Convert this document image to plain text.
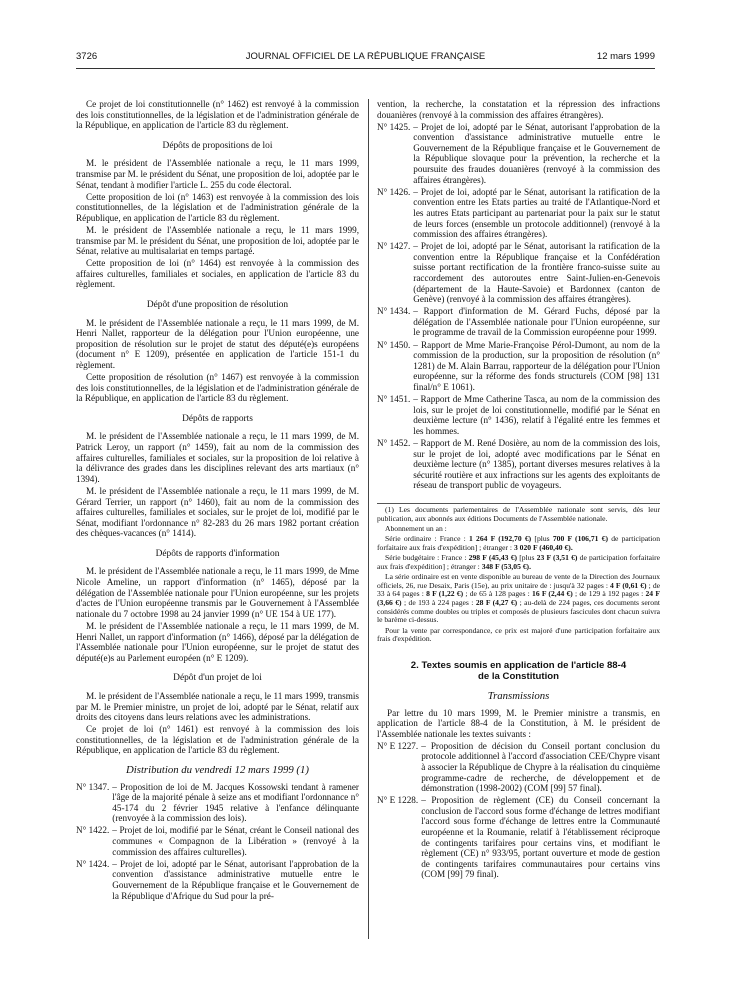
3726	JOURNAL OFFICIEL DE LA RÉPUBLIQUE FRANÇAISE	12 mars 1999

Ce projet de loi constitutionnelle (n° 1462) est renvoyé à la commission des lois constitutionnelles, de la législation et de l'administration générale de la République, en application de l'article 83 du règlement.

Dépôts de propositions de loi

M. le président de l'Assemblée nationale a reçu, le 11 mars 1999, transmise par M. le président du Sénat, une proposition de loi, adoptée par le Sénat, tendant à modifier l'article L. 255 du code électoral.

Cette proposition de loi (n° 1463) est renvoyée à la commission des lois constitutionnelles, de la législation et de l'administration générale de la République, en application de l'article 83 du règlement.

M. le président de l'Assemblée nationale a reçu, le 11 mars 1999, transmise par M. le président du Sénat, une proposition de loi, adoptée par le Sénat, relative au multisalariat en temps partagé.

Cette proposition de loi (n° 1464) est renvoyée à la commission des affaires culturelles, familiales et sociales, en application de l'article 83 du règlement.

Dépôt d'une proposition de résolution

M. le président de l'Assemblée nationale a reçu, le 11 mars 1999, de M. Henri Nallet, rapporteur de la délégation pour l'Union européenne, une proposition de résolution sur le projet de statut des député(e)s européens (document n° E 1209), présentée en application de l'article 151-1 du règlement.

Cette proposition de résolution (n° 1467) est renvoyée à la commission des lois constitutionnelles, de la législation et de l'administration générale de la République, en application de l'article 83 du règlement.

Dépôts de rapports

M. le président de l'Assemblée nationale a reçu, le 11 mars 1999, de M. Patrick Leroy, un rapport (n° 1459), fait au nom de la commission des affaires culturelles, familiales et sociales, sur la proposition de loi relative à la délivrance des grades dans les disciplines relevant des arts martiaux (n° 1394).

M. le président de l'Assemblée nationale a reçu, le 11 mars 1999, de M. Gérard Terrier, un rapport (n° 1460), fait au nom de la commission des affaires culturelles, familiales et sociales, sur le projet de loi, modifié par le Sénat, modifiant l'ordonnance n° 82-283 du 26 mars 1982 portant création des chèques-vacances (n° 1414).

Dépôts de rapports d'information

M. le président de l'Assemblée nationale a reçu, le 11 mars 1999, de Mme Nicole Ameline, un rapport d'information (n° 1465), déposé par la délégation de l'Assemblée nationale pour l'Union européenne, sur les projets d'actes de l'Union européenne transmis par le Gouvernement à l'Assemblée nationale du 7 octobre 1998 au 24 janvier 1999 (n° UE 154 à UE 177).

M. le président de l'Assemblée nationale a reçu, le 11 mars 1999, de M. Henri Nallet, un rapport d'information (n° 1466), déposé par la délégation de l'Assemblée nationale pour l'Union européenne, sur le projet de statut des député(e)s au Parlement européen (n° E 1209).

Dépôt d'un projet de loi

M. le président de l'Assemblée nationale a reçu, le 11 mars 1999, transmis par M. le Premier ministre, un projet de loi, adopté par le Sénat, relatif aux droits des citoyens dans leurs relations avec les administrations.

Ce projet de loi (n° 1461) est renvoyé à la commission des lois constitutionnelles, de la législation et de l'administration générale de la République, en application de l'article 83 du règlement.

Distribution du vendredi 12 mars 1999 (1)
N° 1347. – Proposition de loi de M. Jacques Kossowski tendant à ramener l'âge de la majorité pénale à seize ans et modifiant l'ordonnance n° 45-174 du 2 février 1945 relative à l'enfance délinquante (renvoyée à la commission des lois).
N° 1422. – Projet de loi, modifié par le Sénat, créant le Conseil national des communes « Compagnon de la Libération » (renvoyé à la commission des affaires culturelles).
N° 1424. – Projet de loi, adopté par le Sénat, autorisant l'approbation de la convention d'assistance administrative mutuelle entre le Gouvernement de la République française et le Gouvernement de la République d'Afrique du Sud pour la pré-

vention, la recherche, la constatation et la répression des infractions douanières (renvoyé à la commission des affaires étrangères).

N° 1425. – Projet de loi, adopté par le Sénat, autorisant l'approbation de la convention d'assistance administrative mutuelle entre le Gouvernement de la République française et le Gouvernement de la République slovaque pour la prévention, la recherche et la poursuite des fraudes douanières (renvoyé à la commission des affaires étrangères).
N° 1426. – Projet de loi, adopté par le Sénat, autorisant la ratification de la convention entre les Etats parties au traité de l'Atlantique-Nord et les autres Etats participant au partenariat pour la paix sur le statut de leurs forces (ensemble un protocole additionnel) (renvoyé à la commission des affaires étrangères).
N° 1427. – Projet de loi, adopté par le Sénat, autorisant la ratification de la convention entre la République française et la Confédération suisse portant rectification de la frontière franco-suisse suite au raccordement des autoroutes entre Saint-Julien-en-Genevois (département de la Haute-Savoie) et Bardonnex (canton de Genève) (renvoyé à la commission des affaires étrangères).
N° 1434. – Rapport d'information de M. Gérard Fuchs, déposé par la délégation de l'Assemblée nationale pour l'Union européenne, sur le programme de travail de la Commission européenne pour 1999.
N° 1450. – Rapport de Mme Marie-Françoise Pérol-Dumont, au nom de la commission de la production, sur la proposition de résolution (n° 1281) de M. Alain Barrau, rapporteur de la délégation pour l'Union européenne, sur la réforme des fonds structurels (COM [98] 131 final/n° E 1061).
N° 1451. – Rapport de Mme Catherine Tasca, au nom de la commission des lois, sur le projet de loi constitutionnelle, modifié par le Sénat en deuxième lecture (n° 1436), relatif à l'égalité entre les femmes et les hommes.
N° 1452. – Rapport de M. René Dosière, au nom de la commission des lois, sur le projet de loi, adopté avec modifications par le Sénat en deuxième lecture (n° 1385), portant diverses mesures relatives à la sécurité routière et aux infractions sur les agents des exploitants de réseau de transport public de voyageurs.

(1) Les documents parlementaires de l'Assemblée nationale sont servis, dès leur publication, aux abonnés aux éditions Documents de l'Assemblée nationale.

Abonnement un an :

Série ordinaire : France : 1 264 F (192,70 €) [plus 700 F (106,71 €) de participation forfaitaire aux frais d'expédition] ; étranger : 3 020 F (460,40 €).

Série budgétaire : France : 298 F (45,43 €) [plus 23 F (3,51 €) de participation forfaitaire aux frais d'expédition] ; étranger : 348 F (53,05 €).

La série ordinaire est en vente disponible au bureau de vente de la Direction des Journaux officiels, 26, rue Desaix, Paris (15e), au prix unitaire de : jusqu'à 32 pages : 4 F (0,61 €) ; de 33 à 64 pages : 8 F (1,22 €) ; de 65 à 128 pages : 16 F (2,44 €) ; de 129 à 192 pages : 24 F (3,66 €) ; de 193 à 224 pages : 28 F (4,27 €) ; au-delà de 224 pages, ces documents seront considérés comme doubles ou triples et composés de plusieurs fascicules dont chacun suivra le barème ci-dessus.

Pour la vente par correspondance, ce prix est majoré d'une participation forfaitaire aux frais d'expédition.

2. Textes soumis en application de l'article 88-4
de la Constitution
Transmissions

Par lettre du 10 mars 1999, M. le Premier ministre a transmis, en application de l'article 88-4 de la Constitution, à M. le président de l'Assemblée nationale les textes suivants :

N° E 1227. – Proposition de décision du Conseil portant conclusion du protocole additionnel à l'accord d'association CEE/Chypre visant à associer la République de Chypre à la réalisation du cinquième programme-cadre de recherche, de développement et de démonstration (1998-2002) (COM [99] 57 final).
N° E 1228. – Proposition de règlement (CE) du Conseil concernant la conclusion de l'accord sous forme d'échange de lettres modifiant l'accord sous forme d'échange de lettres entre la Communauté européenne et la Roumanie, relatif à l'établissement réciproque de contingents tarifaires pour certains vins, et modifiant le règlement (CE) n° 933/95, portant ouverture et mode de gestion de contingents tarifaires communautaires pour certains vins (COM [99] 79 final).
